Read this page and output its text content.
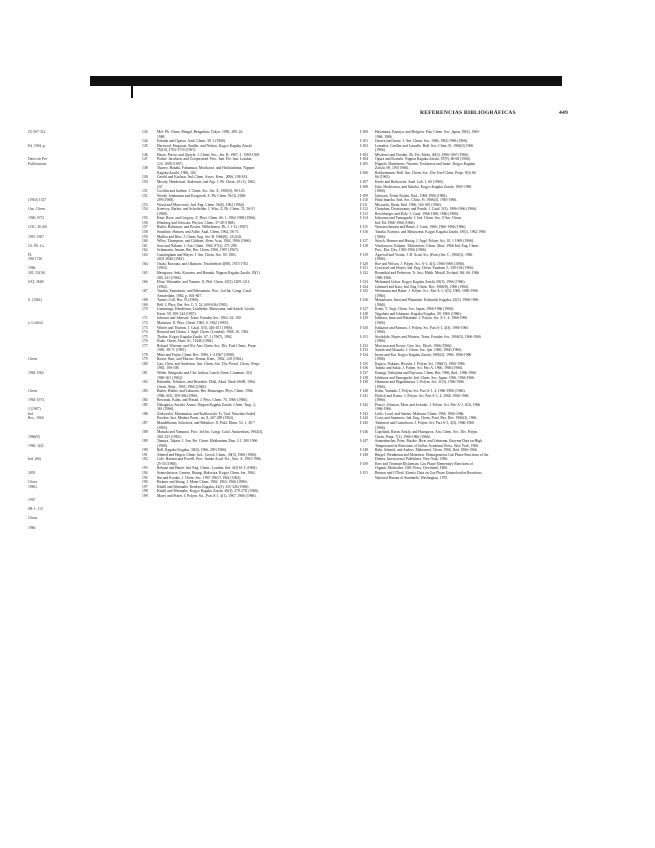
REFERENCIAS BIBLIOGRÁFICAS	449
(5) 307-312
Ed. 1962, p.
Datos de Pre-
Publications.
(1963) 1327
Gen. Chem.
1966-1972
COC, 46 (66
1967-1967
Ch. Ph. Co
FL
396-1726
1966
201, 53(16)
SAT, 3668
S. (1964)
a. Colloid
Chem.
1962-1962
Chem.
1964-1974
3 (1967)
Ind.
Res., 1966
1966(8)
1966, 3(4)
Ind. (66)
2003
Chem.
1966)
1967
SR-1, 113
Chem.
1966
143	Mol. Ph. Chem. Bengal, Bengaluru, Tokyo. 1965, 209, 2d
1968.
144	Fukuda and Ogawa. Anal. Chem. 38, 1 (1966).
145	Harwood, Ferguson, Stadler, and Nelson. Kogyo Kagaku Zasshi
76(10), 1702-1710 (1967).
146	Hasse, Perrot, and Quayle. J. Chem. Soc., Ser. B, 1967, 1. 1560-1569.
147	Parker, Jacobsen, and Cooperstead. Proc. Inst. Pet. Inst. London,
124, 1000 (1967).
148	Tsuneo, Hanaki, Fukumura, Morikawa, and Hashiushima. Nippon
Kagaku Zasshi, 1966, 104.
149	Gerald and Karlson. Ind. Chem. Assoc. Kem., 2006, 108-163.
150	Moody, Henderson, Anderson, and Ayp. J. Ph. Chem. 45 (1), 1962,
237.
151	Cochlin and Jardine. J. Chem. Soc. Ser. A, 1968(3), 96-125.
152	Wrede, Johannsen and Krogstedt. Z. Ph. Chem. 91(3), 1966-
209 (1968).
153	Wood and Marcowitz, Ind. Eng. Chem. 56(6), 1962 (1964).
154	Kreevoy, Barker, and Schoffelder. J. Wiss. Z. Ph. Chem. 74, 56-51
(1968).
155	Kent, Rose, and Gregory. Z. Phys. Chem. 66, 1. 1962-1968 (1966).
156	Hinsberg and Schwarz. Phyton. Chem. 37-49 (1968).
157	Butler, Robinson, and Brown. Wilhelmsen. Ph. J. 1-12 (1967).
158	Sunshine, Hansen, and Adler. Anal. Chem. 1962, 56-71.
159	Mullen and Ries. J. Chem. Eng. Ser. B, 1966(8), 1212(4).
160	Wiley, Thompson, and Gibbons. Kem. Acta, 1962, 1966 (1966).
161	Sato and Nakano. J. Am. Chem. 1964, 87(2), 271-298.
162	Schumann, Jensen, Rei. Ber. Chem. 1966, 1967 (1967).
163	Cunningham and Mayer. J. Am. Chem. Soc. 83, 1961,
2031-2040 (1961).
164	Ozaki, Kuwana, and Okamoto. Tetrahedron 4(88), 1913-1702
(1963).
165	Hasegawa, Seki, Kawano, and Hanada. Nippon Kagaku Zasshi, 85(1)
200, 241 (1964).
166	Hirai, Watanabe, and Yamato. Jl. Phil. Chem. 45(3) 1209-1214
(1962).
167	Tanaka, Yamamoto, and Matsumoto. Proc. 3rd Int. Congr. Catal.
Amsterdam, 1964, p. 601-607.
168	Turner, Coll. Ber. 55 (1966).
169	Bell, J. Phys. Ber. Ser. C. 5, 52, 600-636 (1965).
170	Cummings, Henderson, Lindholm. Maruyama, and Saitoh. Geoch.
Kerat. 50, 100-144 (1967).
171	Johnson and Johnson. Trans. Faraday Soc. 1962, 62, 100.
172	Matsuura. Jl. Phys. Chem. 1965, 6, 1962 (1965).
173	Winter and Thomas. J. Catal. 5(3), 446-451 (1966).
174	Boutard and Chanu. J. Appl. Chem. (London), 1966, 16, 1962.
175	Thakur. Kogyo Kagaku Zasshi, 67, 1 (1967), 1962.
176	Pauls. Chem. Abstr. 61, 13446 (1964).
177	Roland, Wisener, and Wu. Am. Chem. Soc. Div. Fuel Chem., Prepr.
1965, 38-71 (1965).
178	Mine and Fujita. Chem. Rev. 1966, 1-4 1967 (1968).
179	Rouse, Barr, and Marcus. Kemia, Kem., 1962, 128 (1962).
180	Gao, Chen, and Anderson. Am. Chem. Soc. Div. Petrol. Chem., Prepr.
1965, 100-108.
181	Weber, Rangwala and Chu. Indian, Lunch Chem. Commun. 2(3)
1960-301 (1962).
182	Balandin, Tolstikov, and Berezkin. Dokl. Akad. Nauk SSSR, 1964,
Chem. Abstr., 1965, 1966 (1966).
183	Butler, Hobbs, and Lahuerta. Ber. Bunsenges. Phys. Chem. 1966,
1966, 6(3), 300-306 (1966).
184	Bowman, Kuhn, and Prasad. J. Phys. Chem. 70, 1966 (1966).
185	Nakagawa, Suzuki, Asano. Nippon Kagaku Zasshi. Chem. Tsuji, 2,
361 (1966).
186	Zaikovskii, Muramatsu, and Kulikowski. Tr. Ural. Nauchno-Issled.
Proektn. Inst. Mednoi Prom., no. 8, 267-289 (1962).
187	Mandelbaum, Sokolova, and Belnikov. Jl. Prikl. Khim. 52, 1, 30-7
(1965).
188	Masuda and Yamaura. Proc. 3rd Int. Congr. Catal. Amsterdam, 1964(3),
300, 323 (1965).
189	Tamura, Takase. J. Am. Pet. Chem. Mekhanizm Zhur. 3 1, 300 1966
(1968).
190	Bell. Kagaku Kogaku, 30(3), 1966, 209 (1966).
191	Ahmed and Hagen. Chem. Ind., Geoch. Chem., 39(3), 1966 (1966).
192	Cole, Hansen and Powell. Proc. Indian Acad. Sci., Sect. A, 1963-1966,
25-33 (1966).
193	Rebane and Bauer. Ind. Eng. Chem., London, Ind. 4(3) 61-1 (1966).
194	Santoshstavre, Lensen, Huang, Hakoriya. Kogyo Chem. Ser. 1964.
195	Ibn and Kordas. J. Chem. Soc. 1967 1963 5 1962 (1962).
196	Birkner and Sheng. J. Mater Chem. 1962, 1963, 1966 (1966).
197	Khalil and Watanabe. Kenkyu Kagaku, 42(3), 325-326 (1966).
198	Khalil and Watanabe. Kogyo Kagaku Zasshi, 46(3), 270-278, (1966).
199	Marry and Prater. J. Polym. Sci., Part A-1, 4(1), 1967, 1966 (1966).
I-100	Hayamura, Kanaya, and Hofgren. Pub. Chem. Soc. Japan, 39(6), 1965-
1966, 1966.
I-101	Ozawa and Inoue. J. Am. Chem. Soc. 1966, 1962-1966 (1966).
I-102	Lemaître, Grellier and Lassalle. Bull. Soc. Chim. Fr. 1966(3) 1966
(1966).
I-103	Mischner and Dordan. Zh. Fiz. Khim. 40(3), 1966-1967 (1966).
I-104	Ogura and Konishi. Nippon Kagaku Zasshi, 87(9), 60-68 (1966).
I-105	Higashi, Hashimoto, Narumi, Yoshizawa and Inoue. Kogyo Kagaku
Zasshi, 69, 100 (1966).
I-106	Rokkenmann. Bull. Am. Chem. Soc. Div. Fuel Chem. Prepr. 9(3) 66
66 (1965).
I-107	Keefe and Berkowitz. Anal. Lab. 1, 66 (1966).
I-108	Ishii, Hachizawa, and Ishioka. Kogyo Kagaku Zasshi, 1965-1966
(1966).
I-109	Ishiwata, Toshii Koishi. Ibid., 1966-1966 (1966).
I-110	Hirai Imaoka. Ibid. Soc. Chim. Fr. 1966(3), 1965-1966.
I-111	Miyauchi, Ikeda, Ibid. 1966, 164 160 (1966).
I-112	Chandran, Doraiswamy and Pandit. J. Catal. 5(3), 1966-1966 (1966).
I-113	Reschberger and Daly. J. Catal. 1966-1966, 1966 (1966).
I-114	Ishiyama and Yamaguchi. J. Ind. Chem. Soc. 9 Am. Chem.
Ind. Ed. 1966-1966 (1966).
I-115	Wasserschausen and Bauer. J. Catal. 1966, 1966-1966 (1966).
I-116	Tanaka, Kamiya, and Masuyama. Kogyo Kagaku Zasshi, 69(1), 1962 1966
(1966).
I-117	Storch, Hansen and Hurtig. J. Appl. Polym. Sci. 10, 1 1969 (1966).
I-118	Vinokuroov, Kaljum, Tikhomirov. Chem. Abstr. 1966 Ind. Eng. Chem.
Proc. Des. Dev. 1965-1966 (1966).
I-119	Agarwal and Verma. J. R. Acad. Sci. (Paris) Ser. C, 1966(3), 1966
(1966).
I-120	Roe and Wilson. J. Polym. Sci. A-1, 4(1), 1966-1966 (1966).
I-121	Crawford and Hayes. Ind. Eng. Chem. Fundam. 5, 100-104 (1966).
I-122	Rosenthal and Pederson. Tr. Inst. Mekh. Metall. Technol. Bd. 66, 1966
1966-1966.
I-123	Mohamed Gohar. Kogyo Kagaku Zasshi, 69(3), 1966 (1966).
I-124	Gemmel and Katz. Ind. Eng. Chem. Res. 1966(8), 1966 (1966).
I-125	Wersmann and Baker. J. Polym. Sci., Part A-1, 4(3), 1966, 1966-1966
(1966).
I-126	Matsukawa, Imai and Watanabe. Kobunshi Kagaku, 23(3), 1966-1966
(1966).
I-127	Kohn, Y. Tsuji. Chem. Soc. Japan, 1966-1966 (1966).
I-128	Nagahata and Ishimoto. Kagaku Kogaku, 30, 1966 (1966).
I-129	Ishihara, Imai and Watanabe. J. Polym. Sci. A-1, 4, 1966-1966
(1966).
I-130	Ishikawa and Kimura. J. Polym. Sci. Part A-1, 4(3), 1966-1966
(1966).
I-131	Stockdale, Hayes and Winters. Trans. Faraday Soc. 1966(3), 1966-1966
(1966).
I-132	Morrison and Kovac. Gen. Soc. Dtsch. 1966 (1966).
I-133	Saitoh and Okazaki. J. Chem. Soc. Jpn. 1966, 1966 (1966).
I-134	Inoue and Kai. Kogyo Kagaku Zasshi, 1966(3), 1966, 1966-1966
(1966).
I-135	Kagiya, Nakano, Hiroshi. J. Polym. Sci. 1966(3), 1966-1966.
I-136	Tanino and Sakai. J. Polym. Sci. Part A, 1966, 1966 (1966).
I-137	Kunugi, Nakajima and Fujiwara. Chem. Ber. 1966, Ibid., 1966-1966.
I-138	Ishikawa and Yamaguchi. Ind. Chem. Soc. Japan, 1966, 1966-1966.
I-139	Okamura and Higashimura. J. Polym. Sci. 21(3), 1966-1966
(1966).
I-140	Kohn, Yamada. J. Polym. Sci. Part A-1, 4, 1966-1966 (1966).
I-141	Ehrlich and Kunio. J. Polym. Sci. Part A-1, 4, 1966, 1966-1966
(1966).
I-142	Pearce, Johnson, Muir, and Iwasaki. J. Polym. Sci. Part A-1, 4(3), 1966
1966-1966.
I-143	Little, Loud, and Sterner. Makrom. Chem. 1966, 1966-1966.
I-144	Cross and Summers. Ind. Eng. Chem. Prod. Res. Dev. 1966(3), 1966.
I-145	Tabemori and Gustafsson. J. Polym. Sci. Part A-1, 4(3), 1966-1966
(1966).
I-146	Copeland, Ratan, Emily, and Hasegawa. Am. Chem. Soc. Div. Polym.
Chem. Prepr. 7(1), 1966-1966 (1966).
I-147	Sanzenbacher, Peter, Ratoke, Hirai and Lehmann. Enzyme Data on High
Temperature in Reactions of Sulfur. Academic Press, New York, 1966.
I-148	Bahr, Schmid, and Anders. Makromol. Chem. 1966, Ibid. 1966-1966.
I-149	Bürgel, Weidmann and Manchesi. Homogeneous Gas Phase Reactions of the
Dienes. Interscience Publishers, New York, 1966.
I-150	Kerr and Trotman-Dickenson. Gas Phase Elementary Reactions of
Organic Molecules. CRC Press, Cleveland, 1966.
I-151	Benson and O'Neal. Kinetic Data on Gas Phase Unimolecular Reactions.
National Bureau of Standards, Washington, 1970.
